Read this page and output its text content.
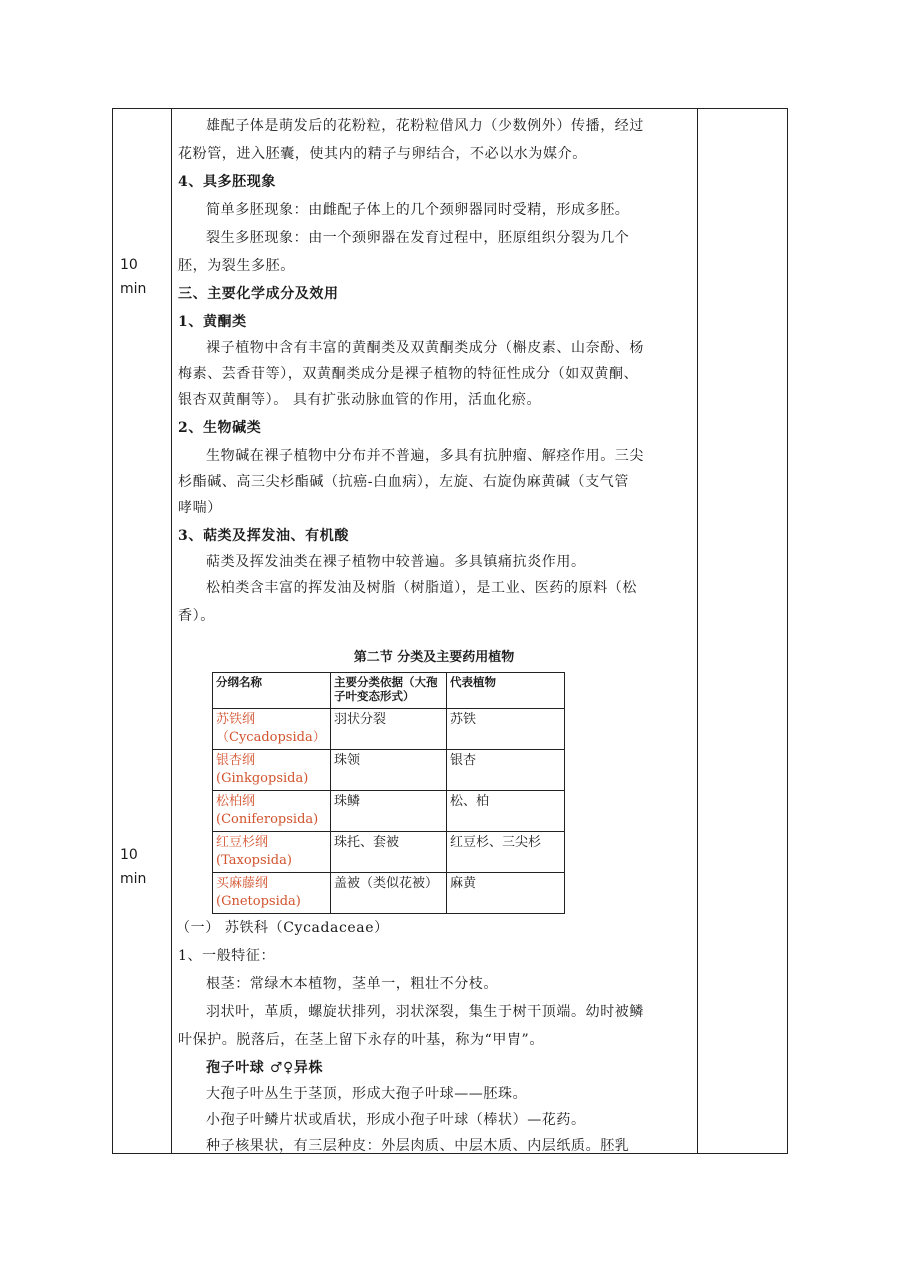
10
min
10
min
雄配子体是萌发后的花粉粒，花粉粒借风力（少数例外）传播，经过
花粉管，进入胚囊，使其内的精子与卵结合，不必以水为媒介。
4、具多胚现象
简单多胚现象：由雌配子体上的几个颈卵器同时受精，形成多胚。
裂生多胚现象：由一个颈卵器在发育过程中，胚原组织分裂为几个
胚，为裂生多胚。
三、主要化学成分及效用
1、黄酮类
裸子植物中含有丰富的黄酮类及双黄酮类成分（槲皮素、山奈酚、杨
梅素、芸香苷等），双黄酮类成分是裸子植物的特征性成分（如双黄酮、
银杏双黄酮等）。 具有扩张动脉血管的作用，活血化瘀。
2、生物碱类
生物碱在裸子植物中分布并不普遍，多具有抗肿瘤、解痉作用。三尖
杉酯碱、高三尖杉酯碱（抗癌-白血病），左旋、右旋伪麻黄碱（支气管
哮喘）
3、萜类及挥发油、有机酸
萜类及挥发油类在裸子植物中较普遍。多具镇痛抗炎作用。
松柏类含丰富的挥发油及树脂（树脂道），是工业、医药的原料（松
香）。
第二节 分类及主要药用植物
分纲名称	主要分类依据（大孢子叶变态形式）	代表植物
苏铁纲
（Cycadopsida）	羽状分裂	苏铁
银杏纲
(Ginkgopsida)	珠领	银杏
松柏纲
(Coniferopsida)	珠鳞	松、柏
红豆杉纲
(Taxopsida)	珠托、套被	红豆杉、三尖杉
买麻藤纲
(Gnetopsida)	盖被（类似花被）	麻黄
（一） 苏铁科（Cycadaceae）
1、一般特征：
根茎：常绿木本植物，茎单一，粗壮不分枝。
羽状叶，革质，螺旋状排列，羽状深裂，集生于树干顶端。幼时被鳞
叶保护。脱落后，在茎上留下永存的叶基，称为“甲胄”。
孢子叶球 ♂♀异株
大孢子叶丛生于茎顶，形成大孢子叶球——胚珠。
小孢子叶鳞片状或盾状，形成小孢子叶球（棒状）—花药。
种子核果状，有三层种皮：外层肉质、中层木质、内层纸质。胚乳
